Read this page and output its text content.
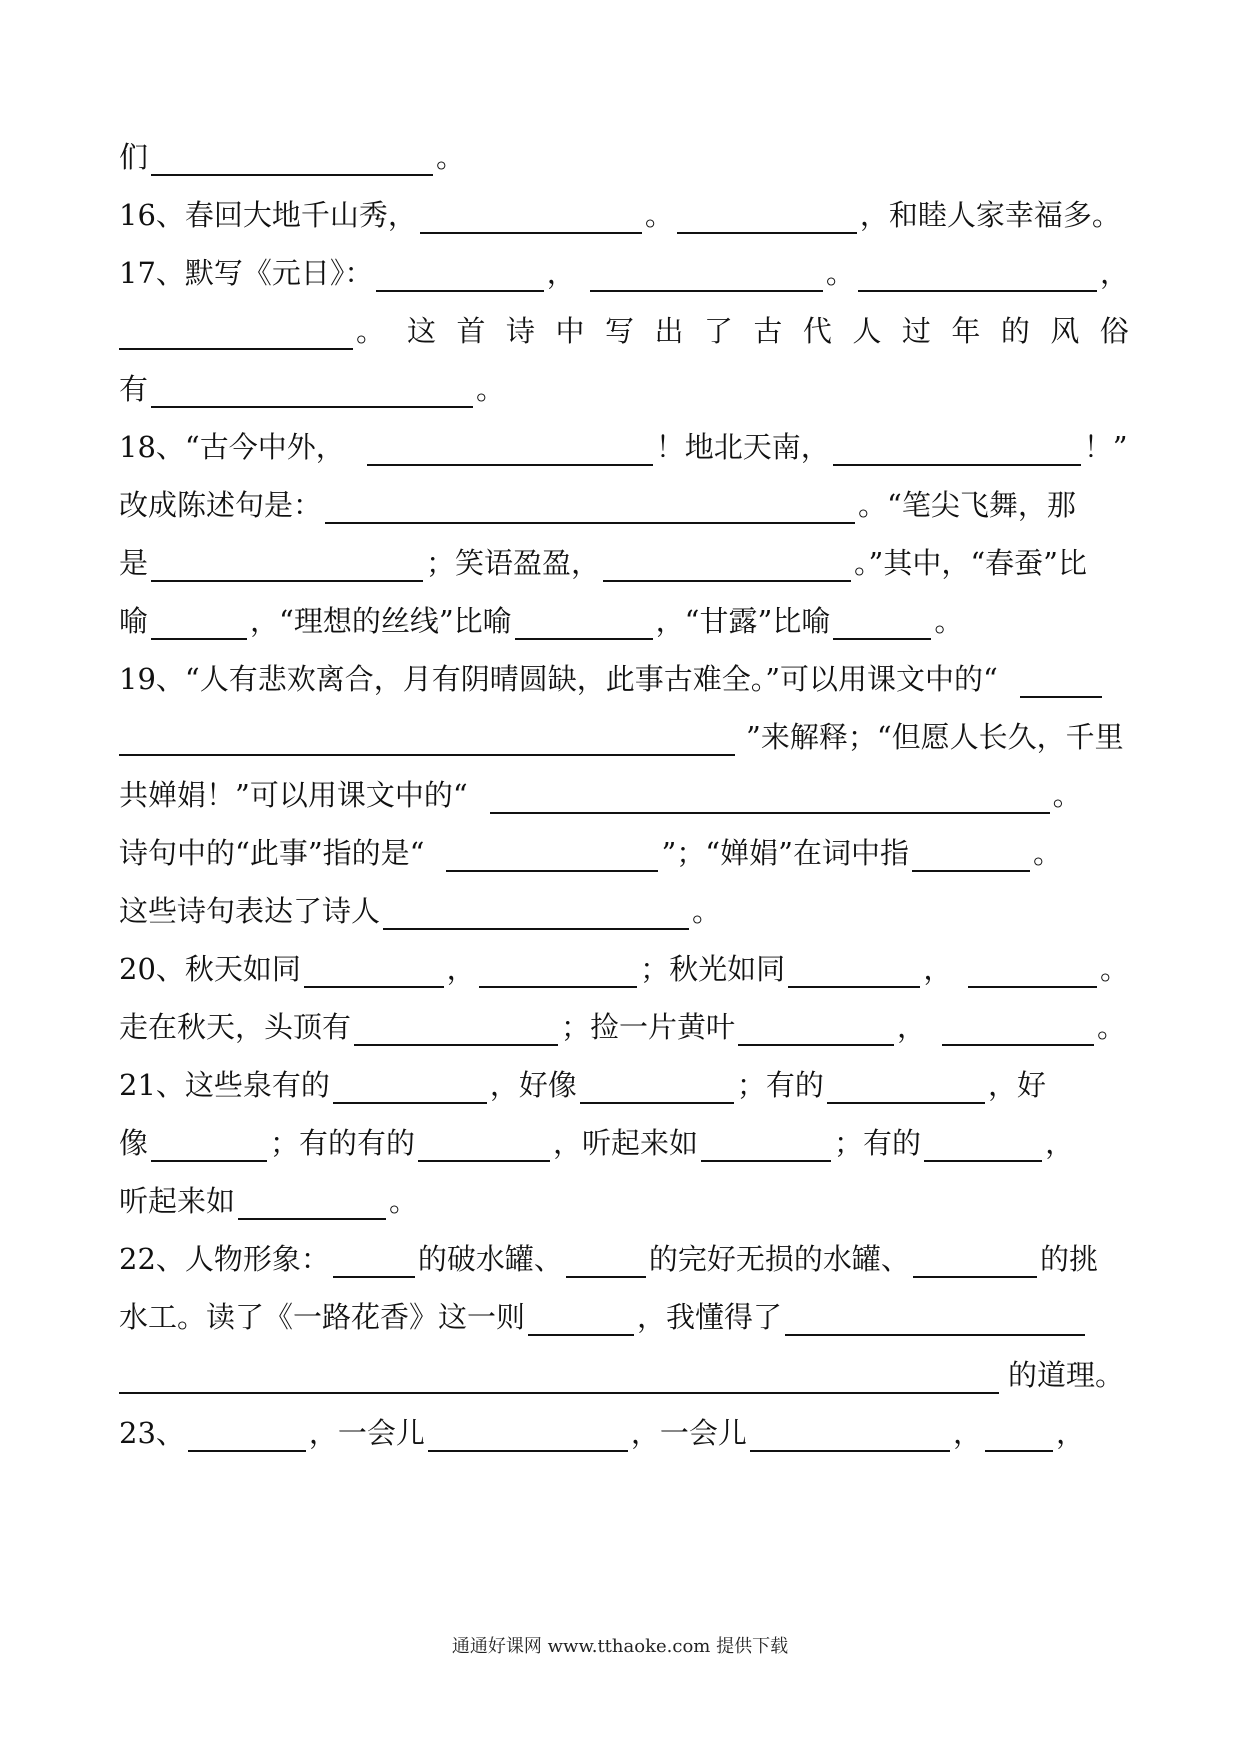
们	。
16、春回大地千山秀，	。	，和睦人家幸福多。
17、默写《元日》：	，	。	，
。 这 首 诗 中 写 出 了 古 代 人 过 年 的 风 俗
有	。
18、“古今中外，	！地北天南，	！”
改成陈述句是：	。“笔尖飞舞，那
是	；笑语盈盈，	。”其中，“春蚕”比
喻	，“理想的丝线”比喻	，“甘露”比喻	。
19、“人有悲欢离合，月有阴晴圆缺，此事古难全。”可以用课文中的“
”来解释；“但愿人长久，千里
共婵娟！”可以用课文中的“	。
诗句中的“此事”指的是“	”；“婵娟”在词中指	。
这些诗句表达了诗人	。
20、秋天如同	，	；秋光如同	，	。
走在秋天，头顶有	；捡一片黄叶	，	。
21、这些泉有的	，好像	；有的	，好
像	；有的有的	，听起来如	；有的	，
听起来如	。
22、人物形象：	的破水罐、	的完好无损的水罐、	的挑
水工。读了《一路花香》这一则	，我懂得了
的道理。
23、	，一会儿	，一会儿	，	，
通通好课网 www.tthaoke.com 提供下载
